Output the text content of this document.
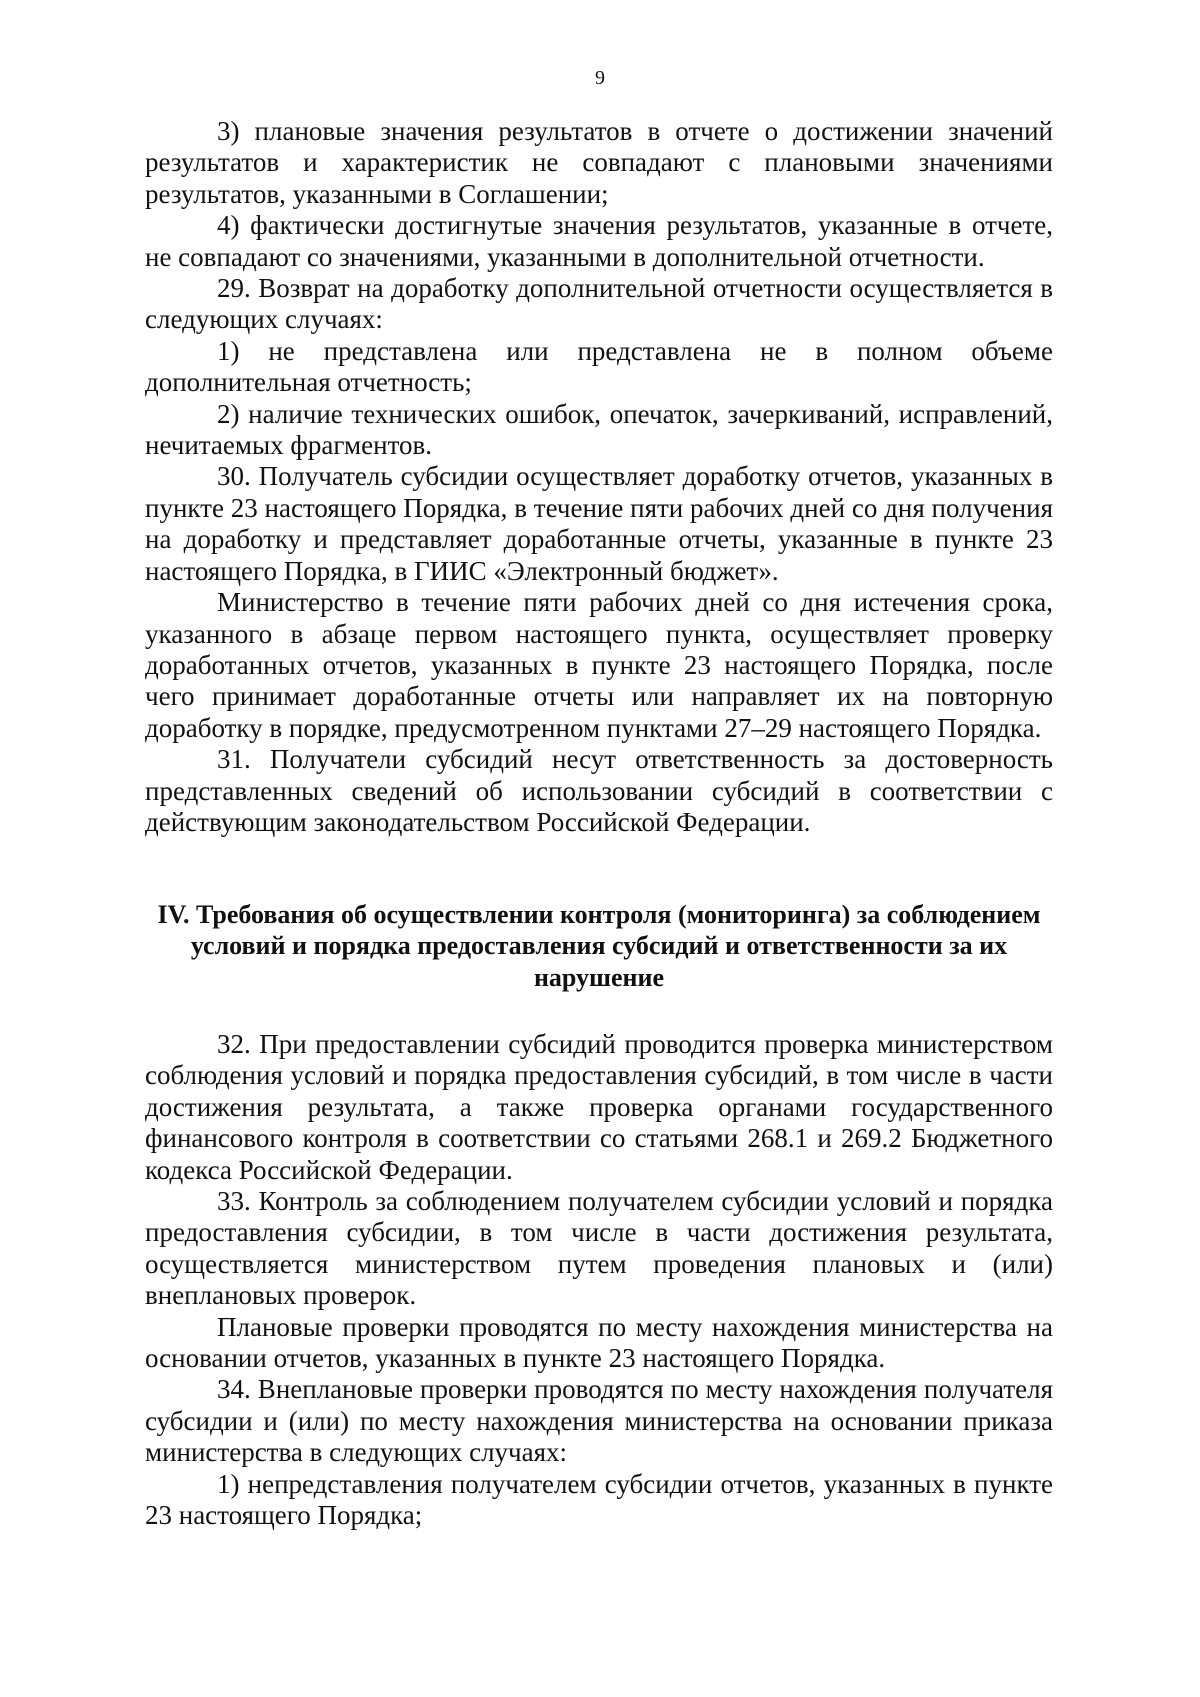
9

3) плановые значения результатов в отчете о достижении значений результатов и характеристик не совпадают с плановыми значениями результатов, указанными в Соглашении;

4) фактически достигнутые значения результатов, указанные в отчете, не совпадают со значениями, указанными в дополнительной отчетности.

29. Возврат на доработку дополнительной отчетности осуществляется в следующих случаях:

1) не представлена или представлена не в полном объеме дополнительная отчетность;

2) наличие технических ошибок, опечаток, зачеркиваний, исправлений, нечитаемых фрагментов.

30. Получатель субсидии осуществляет доработку отчетов, указанных в пункте 23 настоящего Порядка, в течение пяти рабочих дней со дня получения на доработку и представляет доработанные отчеты, указанные в пункте 23 настоящего Порядка, в ГИИС «Электронный бюджет».

Министерство в течение пяти рабочих дней со дня истечения срока, указанного в абзаце первом настоящего пункта, осуществляет проверку доработанных отчетов, указанных в пункте 23 настоящего Порядка, после чего принимает доработанные отчеты или направляет их на повторную доработку в порядке, предусмотренном пунктами 27–29 настоящего Порядка.

31. Получатели субсидий несут ответственность за достоверность представленных сведений об использовании субсидий в соответствии с действующим законодательством Российской Федерации.

IV. Требования об осуществлении контроля (мониторинга) за соблюдением условий и порядка предоставления субсидий и ответственности за их нарушение

32. При предоставлении субсидий проводится проверка министерством соблюдения условий и порядка предоставления субсидий, в том числе в части достижения результата, а также проверка органами государственного финансового контроля в соответствии со статьями 268.1 и 269.2 Бюджетного кодекса Российской Федерации.

33. Контроль за соблюдением получателем субсидии условий и порядка предоставления субсидии, в том числе в части достижения результата, осуществляется министерством путем проведения плановых и (или) внеплановых проверок.

Плановые проверки проводятся по месту нахождения министерства на основании отчетов, указанных в пункте 23 настоящего Порядка.

34. Внеплановые проверки проводятся по месту нахождения получателя субсидии и (или) по месту нахождения министерства на основании приказа министерства в следующих случаях:

1) непредставления получателем субсидии отчетов, указанных в пункте 23 настоящего Порядка;
